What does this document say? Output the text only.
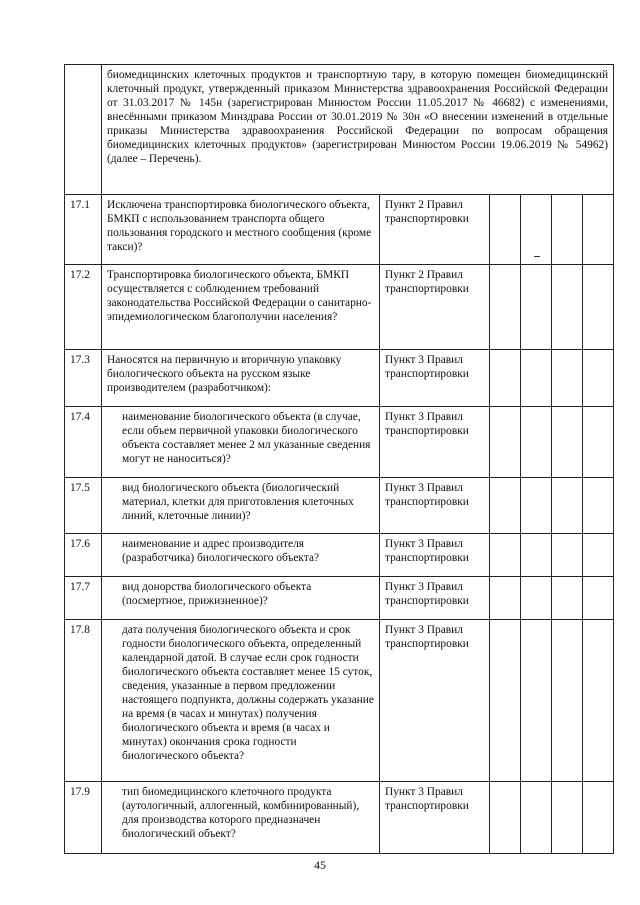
	биомедицинских клеточных продуктов и транспортную тару, в которую помещен биомедицинский клеточный продукт, утвержденный приказом Министерства здравоохранения Российской Федерации от 31.03.2017 № 145н (зарегистрирован Минюстом России 11.05.2017 № 46682) с изменениями, внесёнными приказом Минздрава России от 30.01.2019 № 30н «О внесении изменений в отдельные приказы Министерства здравоохранения Российской Федерации по вопросам обращения биомедицинских клеточных продуктов» (зарегистрирован Минюстом России 19.06.2019 № 54962) (далее – Перечень).					
17.1	Исключена транспортировка биологического объекта, БМКП с использованием транспорта общего пользования городского и местного сообщения (кроме такси)?	Пункт 2 Правил транспортировки				
17.2	Транспортировка биологического объекта, БМКП осуществляется с соблюдением требований законодательства Российской Федерации о санитарно-эпидемиологическом благополучии населения?	Пункт 2 Правил транспортировки				
17.3	Наносятся на первичную и вторичную упаковку биологического объекта на русском языке производителем (разработчиком):	Пункт 3 Правил транспортировки				
17.4	наименование биологического объекта (в случае, если объем первичной упаковки биологического объекта составляет менее 2 мл указанные сведения могут не наноситься)?	Пункт 3 Правил транспортировки				
17.5	вид биологического объекта (биологический материал, клетки для приготовления клеточных линий, клеточные линии)?	Пункт 3 Правил транспортировки				
17.6	наименование и адрес производителя (разработчика) биологического объекта?	Пункт 3 Правил транспортировки				
17.7	вид донорства биологического объекта (посмертное, прижизненное)?	Пункт 3 Правил транспортировки				
17.8	дата получения биологического объекта и срок годности биологического объекта, определенный календарной датой. В случае если срок годности биологического объекта составляет менее 15 суток, сведения, указанные в первом предложении настоящего подпункта, должны содержать указание на время (в часах и минутах) получения биологического объекта и время (в часах и минутах) окончания срока годности биологического объекта?	Пункт 3 Правил транспортировки				
17.9	тип биомедицинского клеточного продукта (аутологичный, аллогенный, комбинированный), для производства которого предназначен биологический объект?	Пункт 3 Правил транспортировки				
45
